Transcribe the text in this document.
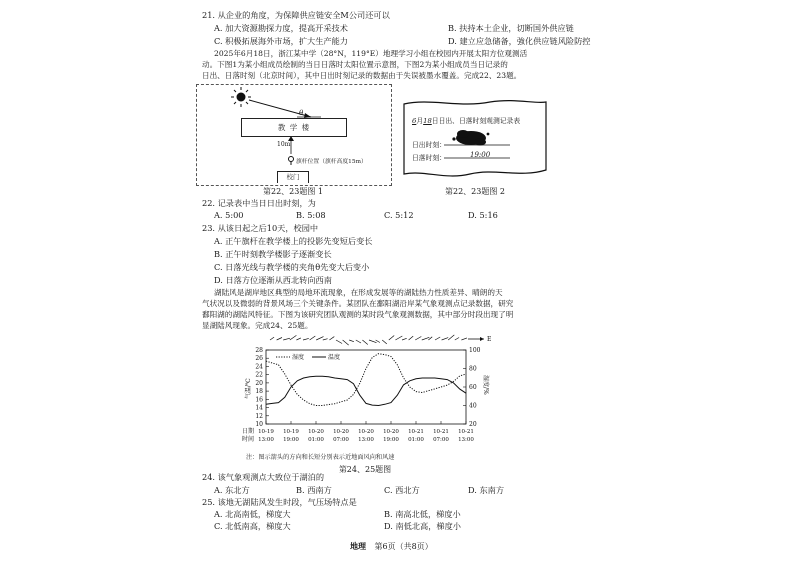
21. 从企业的角度，为保障供应链安全M公司还可以
A. 加大资源勘探力度，提高开采技术	B. 扶持本土企业，切断国外供应链
C. 积极拓展海外市场，扩大生产能力	D. 建立应急储备，強化供应链风险防控
2025年6月18日，浙江某中学（28°N，119°E）地理学习小组在校园内开展太阳方位观测活
动。下图1为某小组成员绘制的当日日落时太阳位置示意图，下图2为某小组成员当日记录的
日出、日落时刻（北京时间），其中日出时刻记录的数据由于失误被墨水覆盖。完成22、23题。
教 学 楼
θ
10m
旗杆位置（旗杆高度15m）
校门
第22、23题图 1
6月18日日出、日落时刻观测记录表
日出时刻：
日落时刻：	19:00
第22、23题图 2
22. 记录表中当日日出时刻，为
A. 5:00	B. 5:08	C. 5:12	D. 5:16
23. 从该日起之后10天，校园中
A. 正午旗杆在教学楼上的投影先变短后变长
B. 正午时刻教学楼影子逐渐变长
C. 日落光线与教学楼的夹角θ先变大后变小
D. 日落方位逐渐从西北转向西南
湖陆风是湖岸地区典型的局地环流现象，在形成发展等的湖陆热力性质差异、晴朗的天
气状况以及微弱的背景风场三个关键条件。某团队在鄱阳湖沿岸某气象观测点记录数据，研究
鄱阳湖的湖陆风特征。下图为该研究团队观测的某时段气象观测数据，其中部分时段出现了明
显湖陆风现象。完成24、25题。
10
12
14
16
18
20
22
24
26
28
20
40
60
80
100
气温/℃	湿度/%
日期
时间
10-19
13:00
10-19
19:00
10-20
01:00
10-20
07:00
10-20
13:00
10-20
19:00
10-21
01:00
10-21
07:00
10-21
13:00
湿度	温度
E
注：图示箭头的方向和长短分别表示近地面风向和风速
第24、25题图
24. 该气象观测点大致位于湖泊的
A. 东北方	B. 西南方	C. 西北方	D. 东南方
25. 该地无湖陆风发生时段，气压场特点是
A. 北高南低，梯度大	B. 南高北低，梯度小
C. 北低南高，梯度大	D. 南低北高，梯度小
地理 第6页（共8页）
